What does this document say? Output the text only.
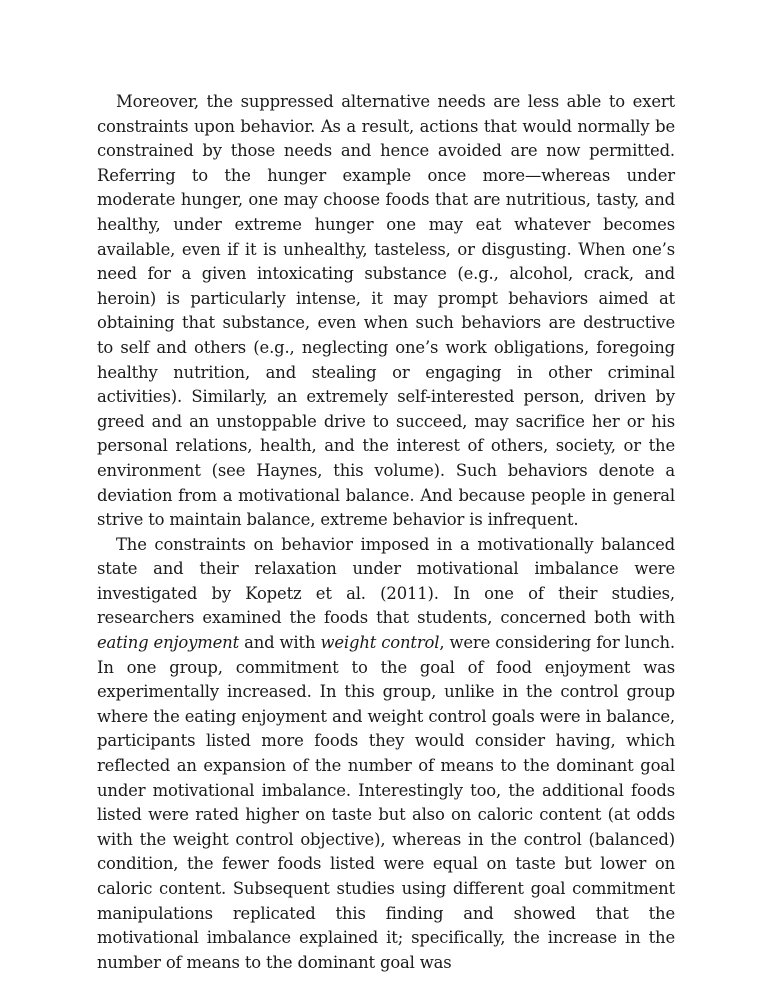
Moreover, the suppressed alternative needs are less able to exert constraints upon behavior. As a result, actions that would normally be constrained by those needs and hence avoided are now permitted. Referring to the hunger example once more—whereas under moderate hunger, one may choose foods that are nutritious, tasty, and healthy, under extreme hunger one may eat whatever becomes available, even if it is unhealthy, tasteless, or disgusting. When one’s need for a given intoxicating substance (e.g., alcohol, crack, and heroin) is particularly intense, it may prompt behaviors aimed at obtaining that substance, even when such behaviors are destructive to self and others (e.g., neglecting one’s work obligations, foregoing healthy nutrition, and stealing or engaging in other criminal activities). Similarly, an extremely self-interested person, driven by greed and an unstoppable drive to succeed, may sacrifice her or his personal relations, health, and the interest of others, society, or the environment (see Haynes, this volume). Such behaviors denote a deviation from a motivational balance. And because people in general strive to maintain balance, extreme behavior is infrequent.

The constraints on behavior imposed in a motivationally balanced state and their relaxation under motivational imbalance were investigated by Kopetz et al. (2011). In one of their studies, researchers examined the foods that students, concerned both with eating enjoyment and with weight control, were considering for lunch. In one group, commitment to the goal of food enjoyment was experimentally increased. In this group, unlike in the control group where the eating enjoyment and weight control goals were in balance, participants listed more foods they would consider having, which reflected an expansion of the number of means to the dominant goal under motivational imbalance. Interestingly too, the additional foods listed were rated higher on taste but also on caloric content (at odds with the weight control objective), whereas in the control (balanced) condition, the fewer foods listed were equal on taste but lower on caloric content. Subsequent studies using different goal commitment manipulations replicated this finding and showed that the motivational imbalance explained it; specifically, the increase in the number of means to the dominant goal was
